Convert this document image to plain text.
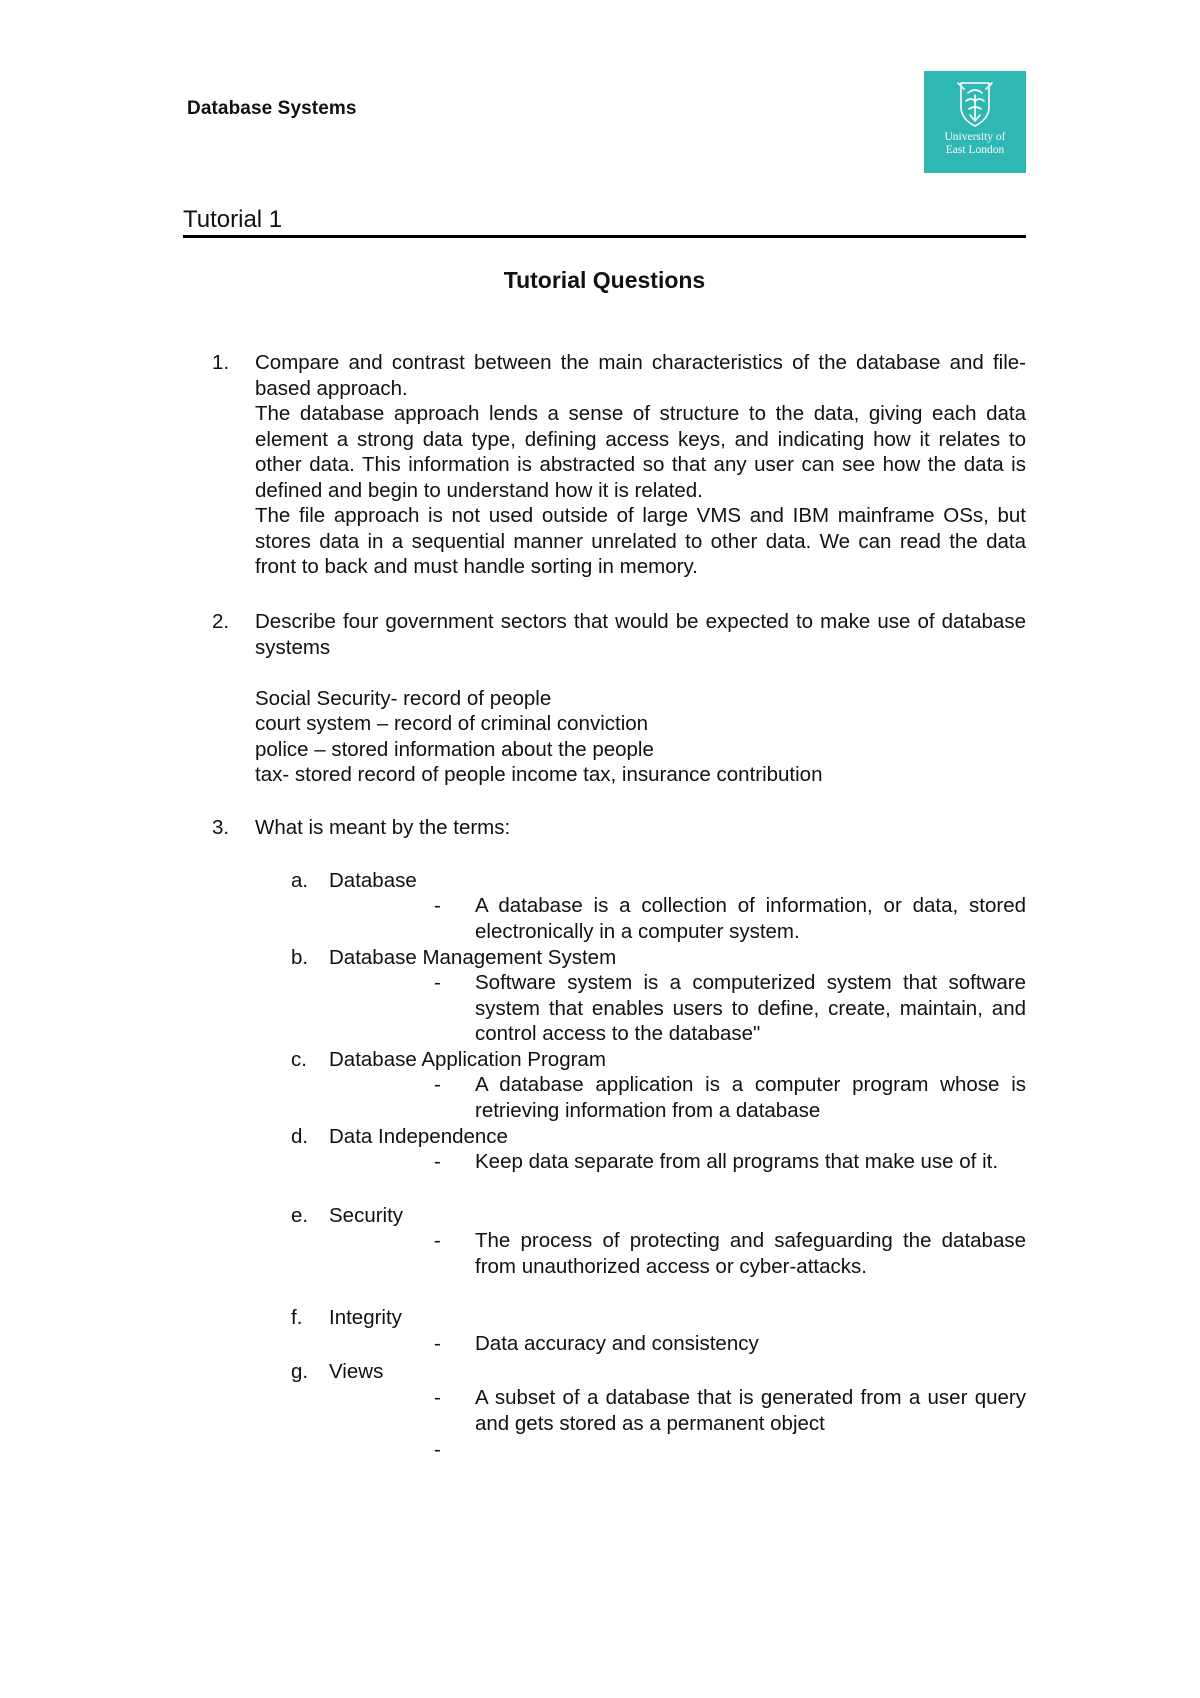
Database Systems
University of
East London
Tutorial 1
Tutorial Questions
1.	Compare and contrast between the main characteristics of the database and file-based approach.

The database approach lends a sense of structure to the data, giving each data element a strong data type, defining access keys, and indicating how it relates to other data. This information is abstracted so that any user can see how the data is defined and begin to understand how it is related.

The file approach is not used outside of large VMS and IBM mainframe OSs, but stores data in a sequential manner unrelated to other data. We can read the data front to back and must handle sorting in memory.

2.	Describe four government sectors that would be expected to make use of database systems

Social Security- record of people

court system – record of criminal conviction

police – stored information about the people

tax- stored record of people income tax, insurance contribution

3.	What is meant by the terms:

a.	Database
- A database is a collection of information, or data, stored electronically in a computer system.

b.	Database Management System
- Software system is a computerized system that software system that enables users to define, create, maintain, and control access to the database"

c.	Database Application Program
- A database application is a computer program whose is retrieving information from a database

d.	Data Independence
- Keep data separate from all programs that make use of it.

e.	Security
- The process of protecting and safeguarding the database from unauthorized access or cyber-attacks.

f.	Integrity
- Data accuracy and consistency

g.	Views
- A subset of a database that is generated from a user query and gets stored as a permanent object

-
